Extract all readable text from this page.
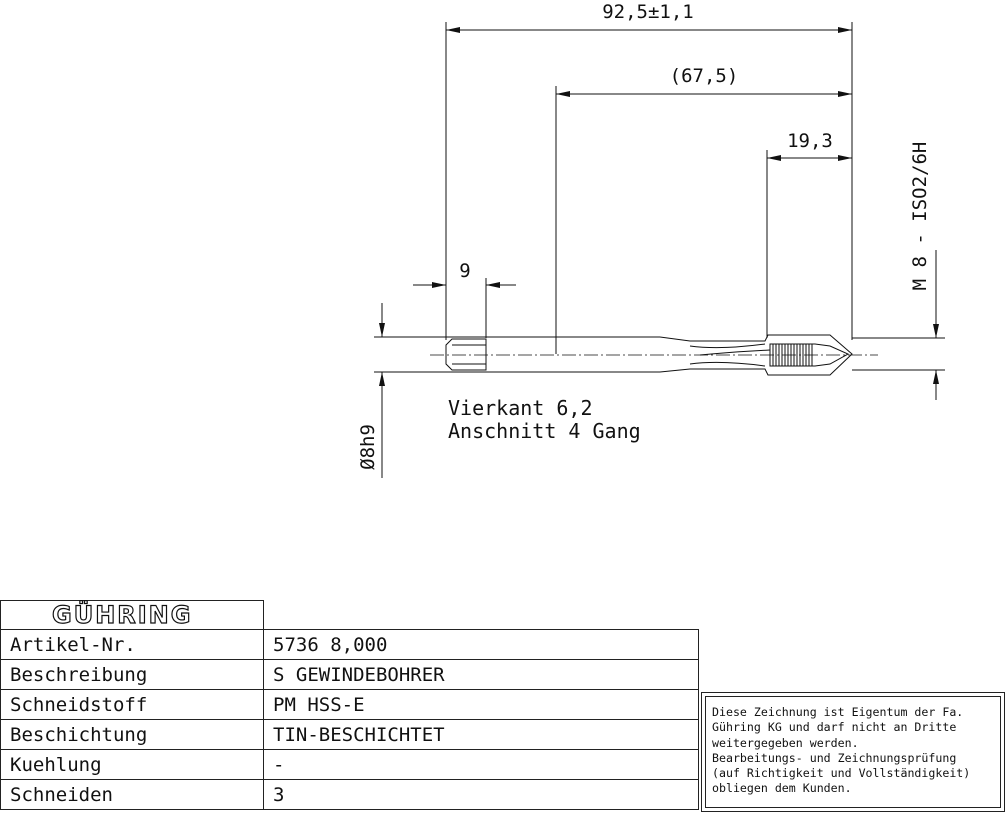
92,5±1,1
(67,5)
19,3
9
Ø8h9
M 8 - ISO2/6H
Vierkant 6,2
Anschnitt 4 Gang
GÜHRING	
Artikel-Nr.	5736 8,000
Beschreibung	S GEWINDEBOHRER
Schneidstoff	PM HSS-E
Beschichtung	TIN-BESCHICHTET
Kuehlung	-
Schneiden	3
Diese Zeichnung ist Eigentum der Fa.
Gühring KG und darf nicht an Dritte
weitergegeben werden.
Bearbeitungs- und Zeichnungsprüfung
(auf Richtigkeit und Vollständigkeit)
obliegen dem Kunden.
